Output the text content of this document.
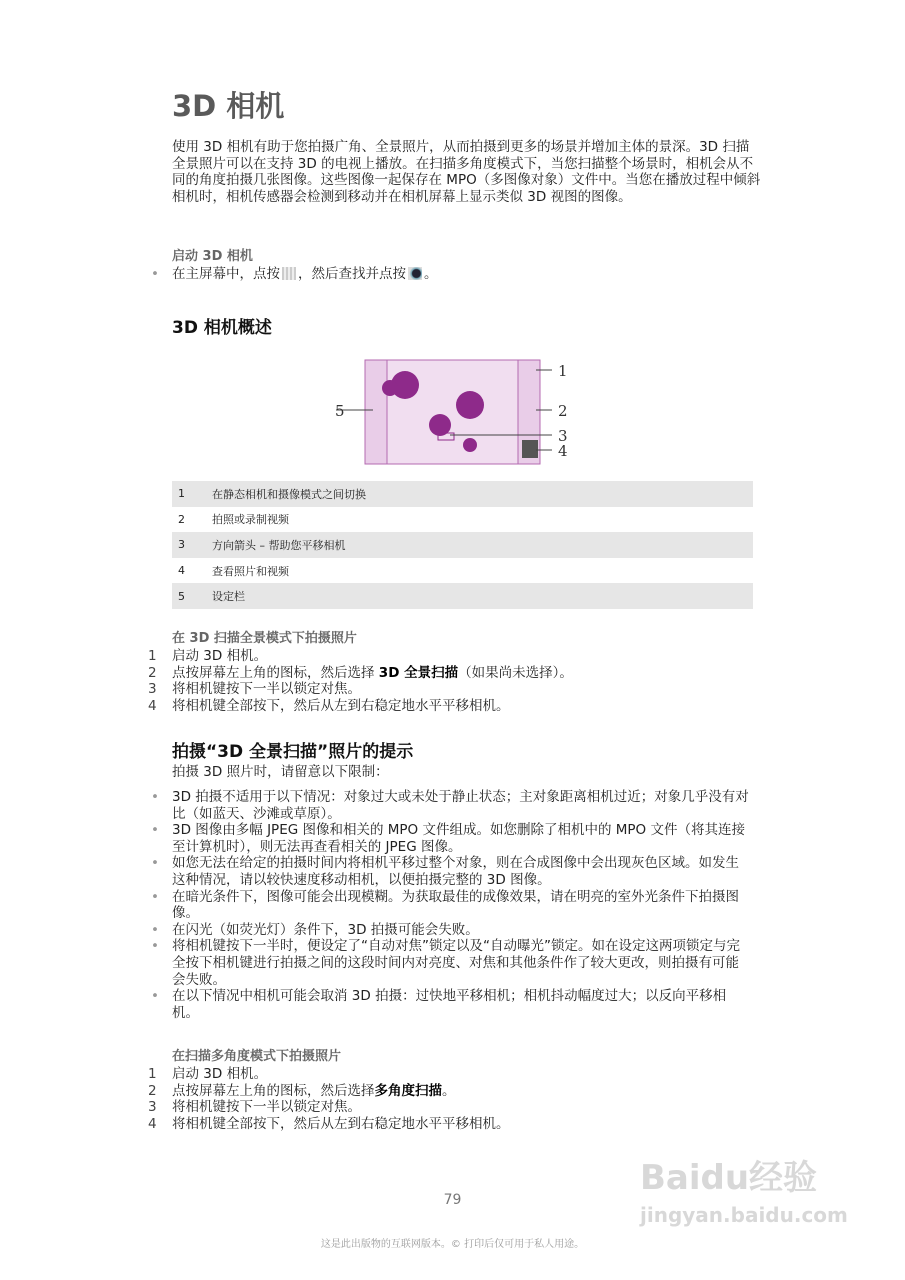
3D 相机
使用 3D 相机有助于您拍摄广角、全景照片，从而拍摄到更多的场景并增加主体的景深。3D 扫描全景照片可以在支持 3D 的电视上播放。在扫描多角度模式下，当您扫描整个场景时，相机会从不同的角度拍摄几张图像。这些图像一起保存在 MPO（多图像对象）文件中。当您在播放过程中倾斜相机时，相机传感器会检测到移动并在相机屏幕上显示类似 3D 视图的图像。
启动 3D 相机
• 在主屏幕中，点按 ，然后查找并点按 。
3D 相机概述
1
2
3
4
5
1	在静态相机和摄像模式之间切换
2	拍照或录制视频
3	方向箭头 – 帮助您平移相机
4	查看照片和视频
5	设定栏
在 3D 扫描全景模式下拍摄照片
1 启动 3D 相机。
2 点按屏幕左上角的图标，然后选择 3D 全景扫描（如果尚未选择）。
3 将相机键按下一半以锁定对焦。
4 将相机键全部按下，然后从左到右稳定地水平平移相机。
拍摄“3D 全景扫描”照片的提示
拍摄 3D 照片时，请留意以下限制：
• 3D 拍摄不适用于以下情况：对象过大或未处于静止状态；主对象距离相机过近；对象几乎没有对比（如蓝天、沙滩或草原）。
• 3D 图像由多幅 JPEG 图像和相关的 MPO 文件组成。如您删除了相机中的 MPO 文件（将其连接至计算机时），则无法再查看相关的 JPEG 图像。
• 如您无法在给定的拍摄时间内将相机平移过整个对象，则在合成图像中会出现灰色区域。如发生这种情况，请以较快速度移动相机，以便拍摄完整的 3D 图像。
• 在暗光条件下，图像可能会出现模糊。为获取最佳的成像效果，请在明亮的室外光条件下拍摄图像。
• 在闪光（如荧光灯）条件下，3D 拍摄可能会失败。
• 将相机键按下一半时，便设定了“自动对焦”锁定以及“自动曝光”锁定。如在设定这两项锁定与完全按下相机键进行拍摄之间的这段时间内对亮度、对焦和其他条件作了较大更改，则拍摄有可能会失败。
• 在以下情况中相机可能会取消 3D 拍摄：过快地平移相机；相机抖动幅度过大；以反向平移相机。
在扫描多角度模式下拍摄照片
1 启动 3D 相机。
2 点按屏幕左上角的图标，然后选择多角度扫描。
3 将相机键按下一半以锁定对焦。
4 将相机键全部按下，然后从左到右稳定地水平平移相机。
Baidu经验
jingyan.baidu.com
79
这是此出版物的互联网版本。© 打印后仅可用于私人用途。
